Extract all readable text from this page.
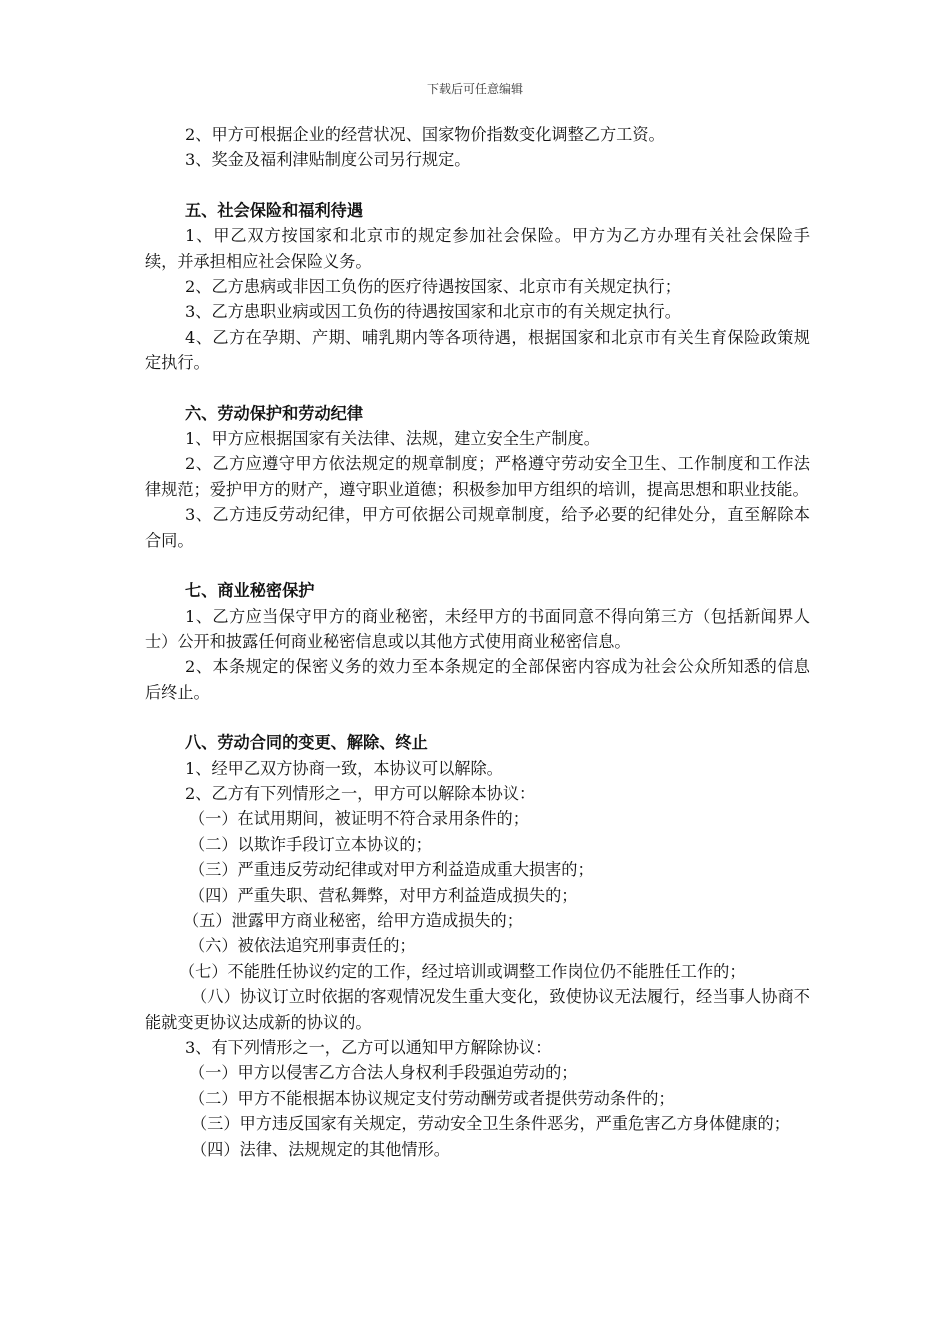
下载后可任意编辑

2、甲方可根据企业的经营状况、国家物价指数变化调整乙方工资。

3、奖金及福利津贴制度公司另行规定。

五、社会保险和福利待遇

1、甲乙双方按国家和北京市的规定参加社会保险。甲方为乙方办理有关社会保险手续，并承担相应社会保险义务。

2、乙方患病或非因工负伤的医疗待遇按国家、北京市有关规定执行；

3、乙方患职业病或因工负伤的待遇按国家和北京市的有关规定执行。

4、乙方在孕期、产期、哺乳期内等各项待遇，根据国家和北京市有关生育保险政策规定执行。

六、劳动保护和劳动纪律

1、甲方应根据国家有关法律、法规，建立安全生产制度。

2、乙方应遵守甲方依法规定的规章制度；严格遵守劳动安全卫生、工作制度和工作法律规范；爱护甲方的财产，遵守职业道德；积极参加甲方组织的培训，提高思想和职业技能。

3、乙方违反劳动纪律，甲方可依据公司规章制度，给予必要的纪律处分，直至解除本合同。

七、商业秘密保护

1、乙方应当保守甲方的商业秘密，未经甲方的书面同意不得向第三方（包括新闻界人士）公开和披露任何商业秘密信息或以其他方式使用商业秘密信息。

2、本条规定的保密义务的效力至本条规定的全部保密内容成为社会公众所知悉的信息后终止。

八、劳动合同的变更、解除、终止

1、经甲乙双方协商一致，本协议可以解除。

2、乙方有下列情形之一，甲方可以解除本协议：

（一）在试用期间，被证明不符合录用条件的；

（二）以欺诈手段订立本协议的；

（三）严重违反劳动纪律或对甲方利益造成重大损害的；

（四）严重失职、营私舞弊，对甲方利益造成损失的；

（五）泄露甲方商业秘密，给甲方造成损失的；

（六）被依法追究刑事责任的；

（七）不能胜任协议约定的工作，经过培训或调整工作岗位仍不能胜任工作的；

（八）协议订立时依据的客观情况发生重大变化，致使协议无法履行，经当事人协商不能就变更协议达成新的协议的。

3、有下列情形之一，乙方可以通知甲方解除协议：

（一）甲方以侵害乙方合法人身权利手段强迫劳动的；

（二）甲方不能根据本协议规定支付劳动酬劳或者提供劳动条件的；

（三）甲方违反国家有关规定，劳动安全卫生条件恶劣，严重危害乙方身体健康的；

（四）法律、法规规定的其他情形。
